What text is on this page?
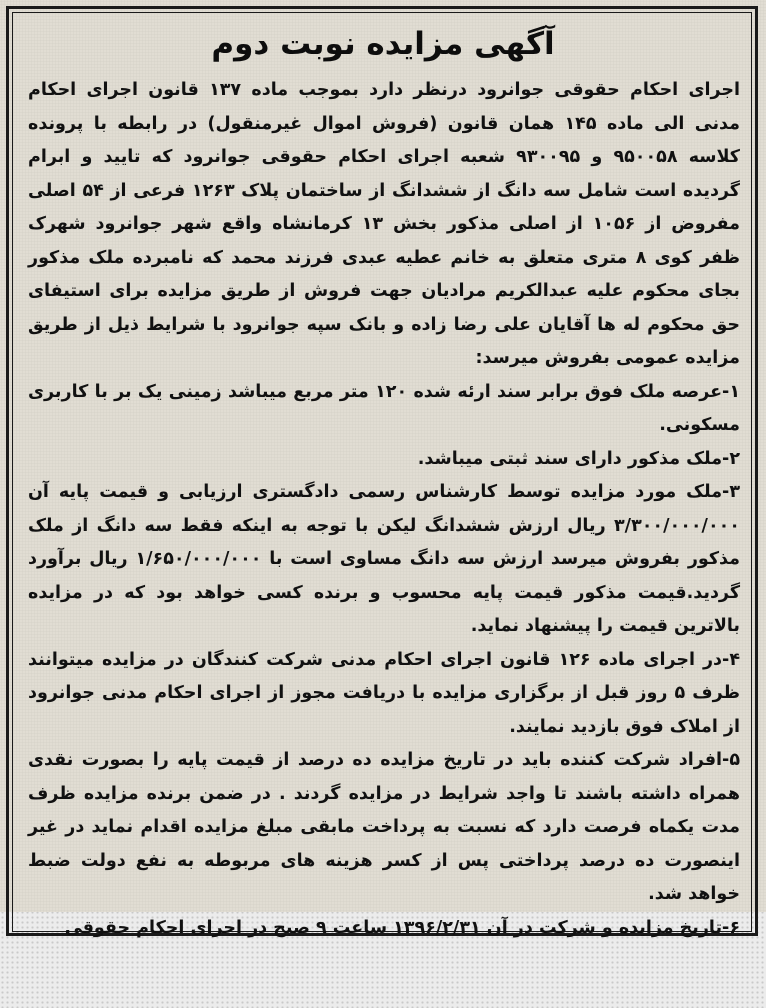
آگهی مزایده نوبت دوم

اجرای احکام حقوقی جوانرود درنظر دارد بموجب ماده ۱۳۷ قانون اجرای احکام مدنی الی ماده ۱۴۵ همان قانون (فروش اموال غیرمنقول) در رابطه با پرونده کلاسه ۹۵۰۰۵۸ و ۹۳۰۰۹۵ شعبه اجرای احکام حقوقی جوانرود که تایید و ابرام گردیده است شامل سه دانگ از ششدانگ از ساختمان پلاک ۱۲۶۳ فرعی از ۵۴ اصلی مفروض از ۱۰۵۶ از اصلی مذکور بخش ۱۳ کرمانشاه واقع شهر جوانرود شهرک ظفر کوی ۸ متری متعلق به خانم عطیه عبدی فرزند محمد که نامبرده ملک مذکور بجای محکوم علیه عبدالکریم مرادیان جهت فروش از طریق مزایده برای استیفای حق محکوم له ها آقایان علی رضا زاده و بانک سپه جوانرود با شرایط ذیل از طریق مزایده عمومی بفروش میرسد:

۱-عرصه ملک فوق برابر سند ارئه شده ۱۲۰ متر مربع میباشد زمینی یک بر با کاربری مسکونی.

۲-ملک مذکور دارای سند ثبتی میباشد.

۳-ملک مورد مزایده توسط کارشناس رسمی دادگستری ارزیابی و قیمت پایه آن ۳/۳۰۰/۰۰۰/۰۰۰ ریال ارزش ششدانگ لیکن با توجه به اینکه فقط سه دانگ از ملک مذکور بفروش میرسد ارزش سه دانگ مساوی است با ۱/۶۵۰/۰۰۰/۰۰۰ ریال برآورد گردید.قیمت مذکور قیمت پایه محسوب و برنده کسی خواهد بود که در مزایده بالاترین قیمت را پیشنهاد نماید.

۴-در اجرای ماده ۱۲۶ قانون اجرای احکام مدنی شرکت کنندگان در مزایده میتوانند ظرف ۵ روز قبل از برگزاری مزایده با دریافت مجوز از اجرای احکام مدنی جوانرود از املاک فوق بازدید نمایند.

۵-افراد شرکت کننده باید در تاریخ مزایده ده درصد از قیمت پایه را بصورت نقدی همراه داشته باشند تا واجد شرایط در مزایده گردند . در ضمن برنده مزایده ظرف مدت یکماه فرصت دارد که نسبت به پرداخت مابقی مبلغ مزایده اقدام نماید در غیر اینصورت ده درصد پرداختی پس از کسر هزینه های مربوطه به نفع دولت ضبط خواهد شد.

۶-تاریخ مزایده و شرکت در آن ۱۳۹۶/۲/۳۱ ساعت ۹ صبح در اجرای احکام حقوقی
